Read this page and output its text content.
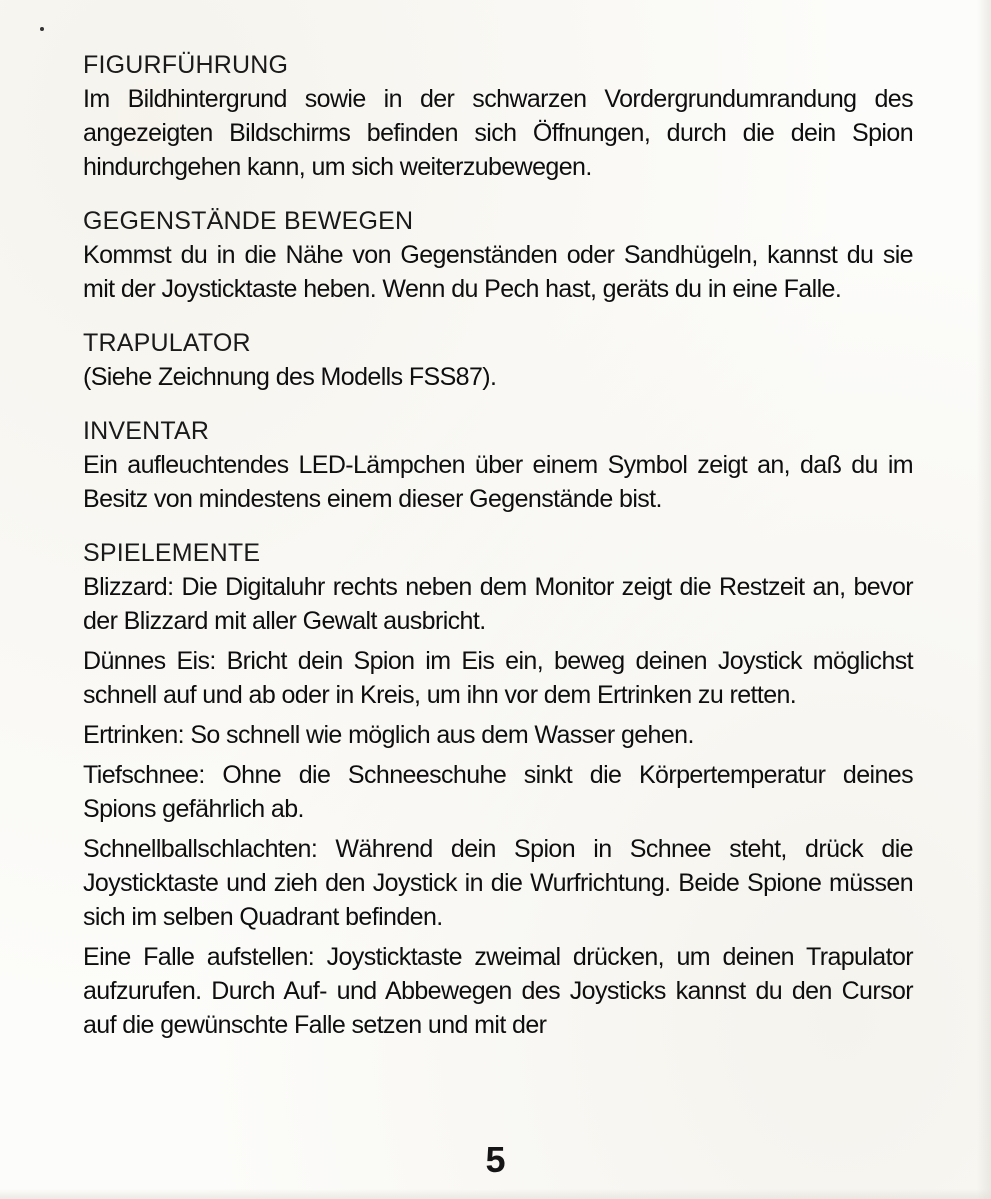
FIGURFÜHRUNG

Im Bildhintergrund sowie in der schwarzen Vordergrundumrandung des angezeigten Bildschirms befinden sich Öffnungen, durch die dein Spion hindurchgehen kann, um sich weiterzubewegen.

GEGENSTÄNDE BEWEGEN

Kommst du in die Nähe von Gegenständen oder Sandhügeln, kannst du sie mit der Joysticktaste heben. Wenn du Pech hast, geräts du in eine Falle.

TRAPULATOR

(Siehe Zeichnung des Modells FSS87).

INVENTAR

Ein aufleuchtendes LED-Lämpchen über einem Symbol zeigt an, daß du im Besitz von mindestens einem dieser Gegenstände bist.

SPIELEMENTE

Blizzard: Die Digitaluhr rechts neben dem Monitor zeigt die Restzeit an, bevor der Blizzard mit aller Gewalt ausbricht.

Dünnes Eis: Bricht dein Spion im Eis ein, beweg deinen Joystick möglichst schnell auf und ab oder in Kreis, um ihn vor dem Ertrinken zu retten.

Ertrinken: So schnell wie möglich aus dem Wasser gehen.

Tiefschnee: Ohne die Schneeschuhe sinkt die Körpertemperatur deines Spions gefährlich ab.

Schnellballschlachten: Während dein Spion in Schnee steht, drück die Joysticktaste und zieh den Joystick in die Wurfrichtung. Beide Spione müssen sich im selben Quadrant befinden.

Eine Falle aufstellen: Joysticktaste zweimal drücken, um deinen Trapulator aufzurufen. Durch Auf- und Abbewegen des Joysticks kannst du den Cursor auf die gewünschte Falle setzen und mit der

5
